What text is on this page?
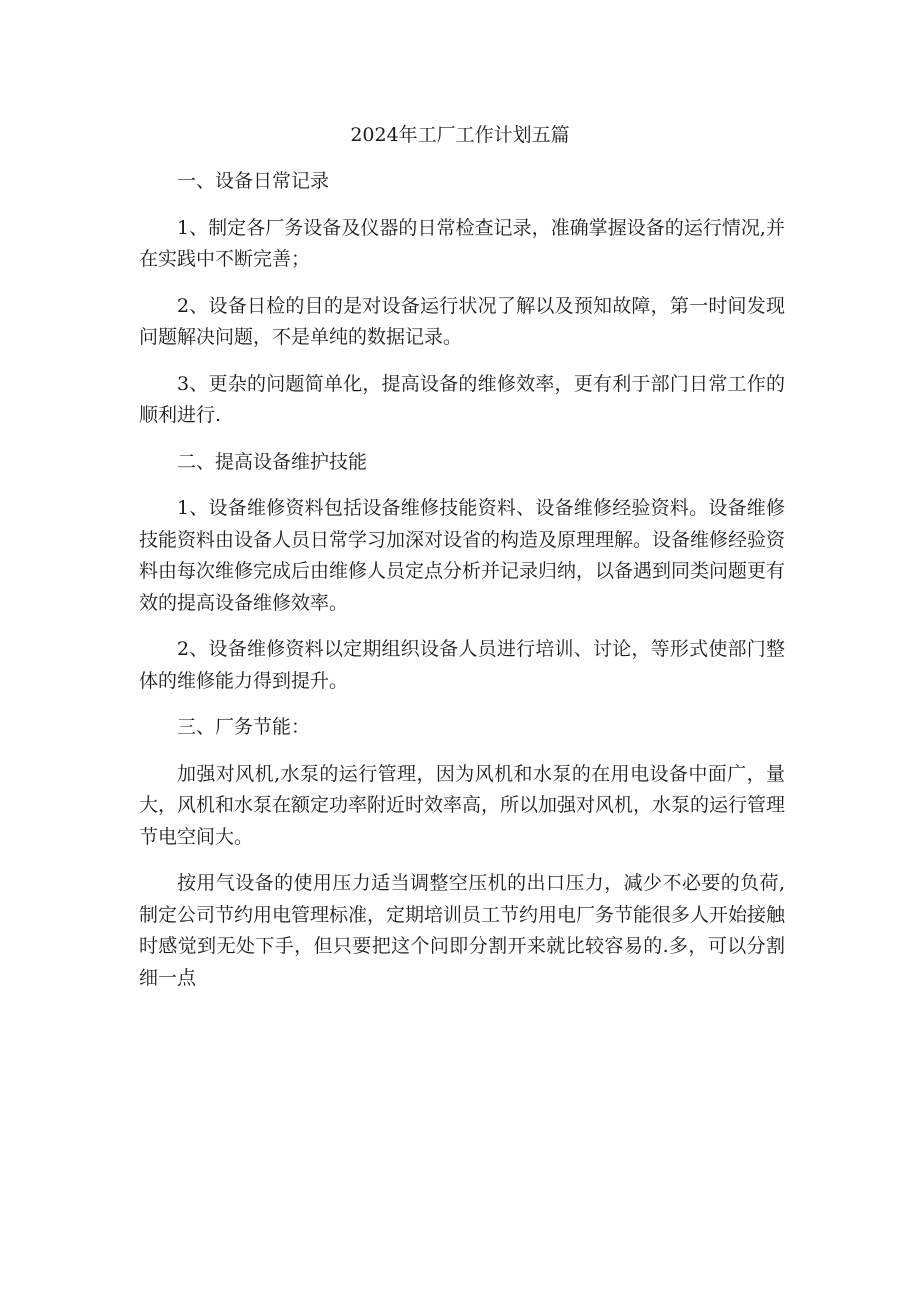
2024年工厂工作计划五篇

一、设备日常记录

1、制定各厂务设备及仪器的日常检查记录，准确掌握设备的运行情况,并在实践中不断完善；

2、设备日检的目的是对设备运行状况了解以及预知故障，第一时间发现问题解决问题，不是单纯的数据记录。

3、更杂的问题简单化，提高设备的维修效率，更有利于部门日常工作的顺利进行.

二、提高设备维护技能

1、设备维修资料包括设备维修技能资料、设备维修经验资料。设备维修技能资料由设备人员日常学习加深对设省的构造及原理理解。设备维修经验资料由每次维修完成后由维修人员定点分析并记录归纳，以备遇到同类问题更有效的提高设备维修效率。

2、设备维修资料以定期组织设备人员进行培训、讨论，等形式使部门整体的维修能力得到提升。

三、厂务节能：

加强对风机,水泵的运行管理，因为风机和水泵的在用电设备中面广，量大，风机和水泵在额定功率附近时效率高，所以加强对风机，水泵的运行管理节电空间大。

按用气设备的使用压力适当调整空压机的出口压力，减少不必要的负荷,制定公司节约用电管理标准，定期培训员工节约用电厂务节能很多人开始接触时感觉到无处下手，但只要把这个问即分割开来就比较容易的.多，可以分割细一点
